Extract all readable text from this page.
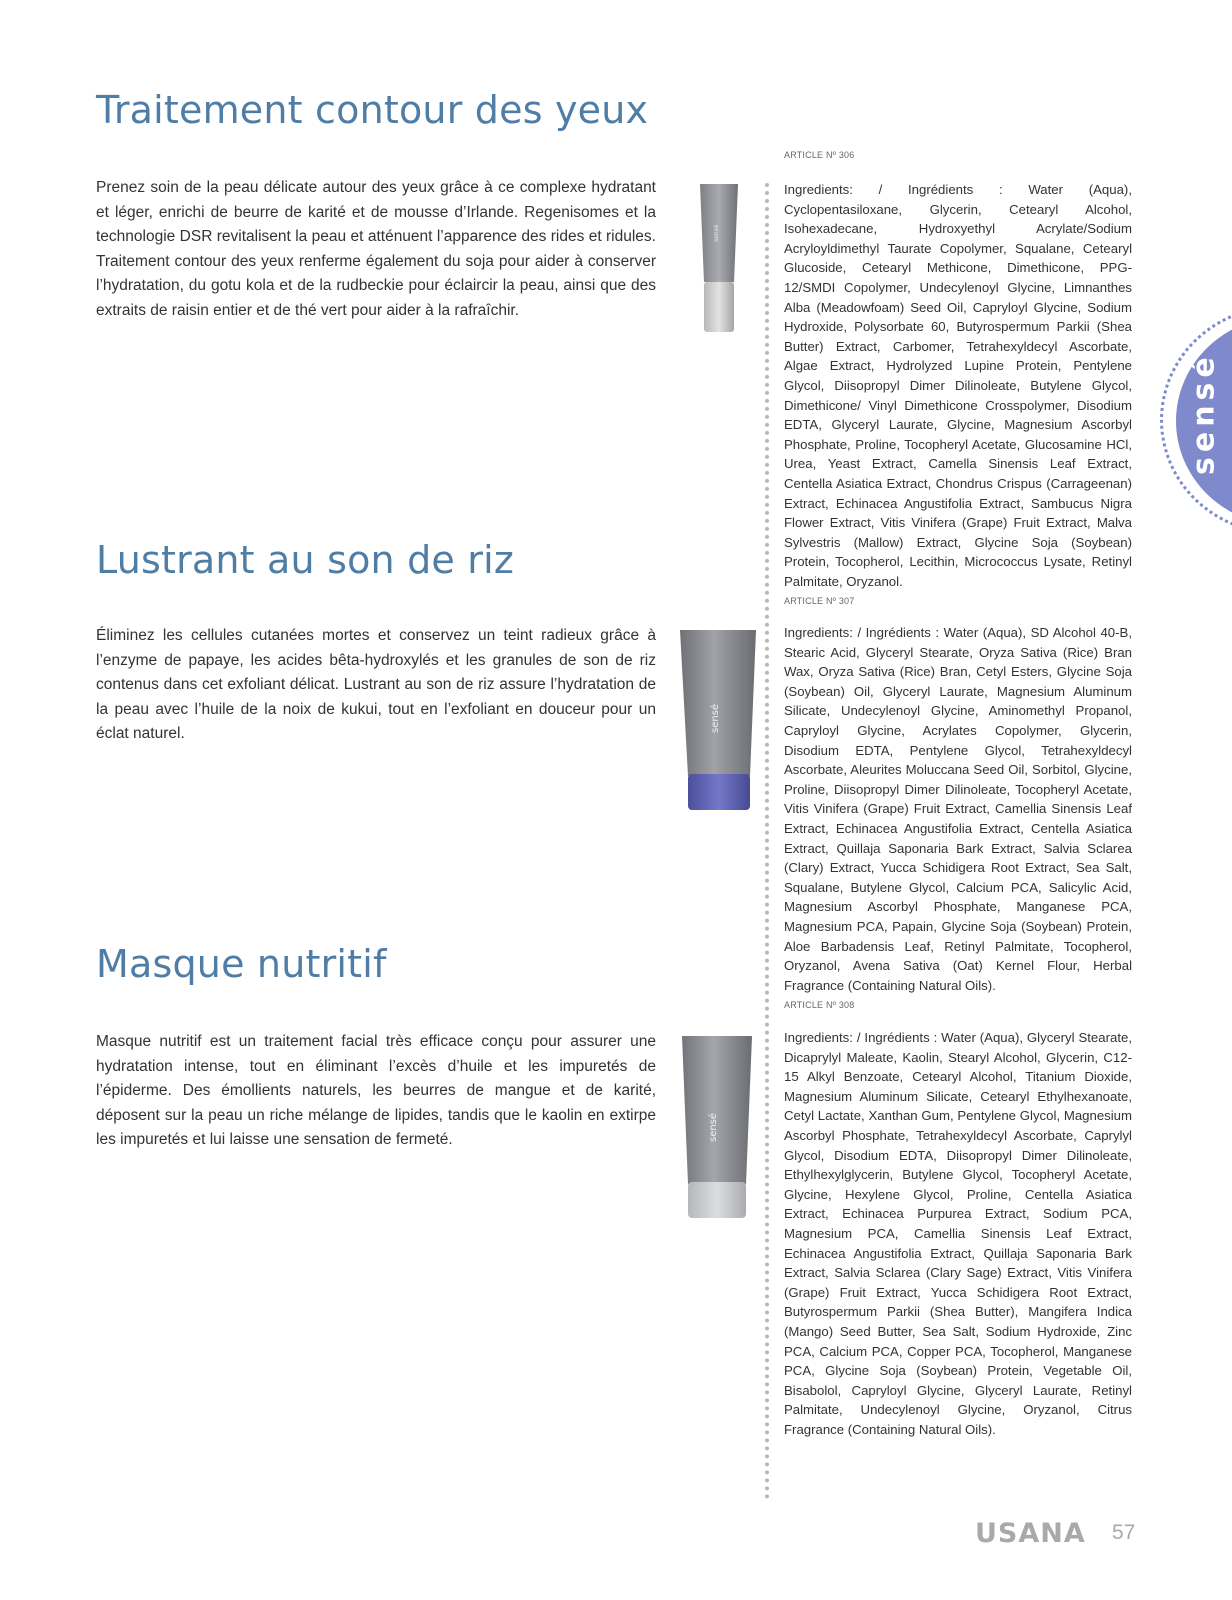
Traitement contour des yeux

Prenez soin de la peau délicate autour des yeux grâce à ce complexe hydratant et léger, enrichi de beurre de karité et de mousse d’Irlande. Regenisomes et la technologie DSR revitalisent la peau et atténuent l’apparence des rides et ridules. Traitement contour des yeux renferme également du soja pour aider à conserver l’hydratation, du gotu kola et de la rudbeckie pour éclaircir la peau, ainsi que des extraits de raisin entier et de thé vert pour aider à la rafraîchir.

ARTICLE Nº 306

Ingredients: / Ingrédients : Water (Aqua), Cyclopentasiloxane, Glycerin, Cetearyl Alcohol, Isohexadecane, Hydroxyethyl Acrylate/Sodium Acryloyldimethyl Taurate Copolymer, Squalane, Cetearyl Glucoside, Cetearyl Methicone, Dimethicone, PPG-12/SMDI Copolymer, Undecylenoyl Glycine, Limnanthes Alba (Meadowfoam) Seed Oil, Capryloyl Glycine, Sodium Hydroxide, Polysorbate 60, Butyrospermum Parkii (Shea Butter) Extract, Carbomer, Tetrahexyldecyl Ascorbate, Algae Extract, Hydrolyzed Lupine Protein, Pentylene Glycol, Diisopropyl Dimer Dilinoleate, Butylene Glycol, Dimethicone/ Vinyl Dimethicone Crosspolymer, Disodium EDTA, Glyceryl Laurate, Glycine, Magnesium Ascorbyl Phosphate, Proline, Tocopheryl Acetate, Glucosamine HCl, Urea, Yeast Extract, Camella Sinensis Leaf Extract, Centella Asiatica Extract, Chondrus Crispus (Carrageenan) Extract, Echinacea Angustifolia Extract, Sambucus Nigra Flower Extract, Vitis Vinifera (Grape) Fruit Extract, Malva Sylvestris (Mallow) Extract, Glycine Soja (Soybean) Protein, Tocopherol, Lecithin, Micrococcus Lysate, Retinyl Palmitate, Oryzanol.

sensé
Lustrant au son de riz

Éliminez les cellules cutanées mortes et conservez un teint radieux grâce à l’enzyme de papaye, les acides bêta-hydroxylés et les granules de son de riz contenus dans cet exfoliant délicat. Lustrant au son de riz assure l’hydratation de la peau avec l’huile de la noix de kukui, tout en l’exfoliant en douceur pour un éclat naturel.

ARTICLE Nº 307

Ingredients: / Ingrédients : Water (Aqua), SD Alcohol 40-B, Stearic Acid, Glyceryl Stearate, Oryza Sativa (Rice) Bran Wax, Oryza Sativa (Rice) Bran, Cetyl Esters, Glycine Soja (Soybean) Oil, Glyceryl Laurate, Magnesium Aluminum Silicate, Undecylenoyl Glycine, Aminomethyl Propanol, Capryloyl Glycine, Acrylates Copolymer, Glycerin, Disodium EDTA, Pentylene Glycol, Tetrahexyldecyl Ascorbate, Aleurites Moluccana Seed Oil, Sorbitol, Glycine, Proline, Diisopropyl Dimer Dilinoleate, Tocopheryl Acetate, Vitis Vinifera (Grape) Fruit Extract, Camellia Sinensis Leaf Extract, Echinacea Angustifolia Extract, Centella Asiatica Extract, Quillaja Saponaria Bark Extract, Salvia Sclarea (Clary) Extract, Yucca Schidigera Root Extract, Sea Salt, Squalane, Butylene Glycol, Calcium PCA, Salicylic Acid, Magnesium Ascorbyl Phosphate, Manganese PCA, Magnesium PCA, Papain, Glycine Soja (Soybean) Protein, Aloe Barbadensis Leaf, Retinyl Palmitate, Tocopherol, Oryzanol, Avena Sativa (Oat) Kernel Flour, Herbal Fragrance (Containing Natural Oils).

sensé
Masque nutritif

Masque nutritif est un traitement facial très efficace conçu pour assurer une hydratation intense, tout en éliminant l’excès d’huile et les impuretés de l’épiderme. Des émollients naturels, les beurres de mangue et de karité, déposent sur la peau un riche mélange de lipides, tandis que le kaolin en extirpe les impuretés et lui laisse une sensation de fermeté.

ARTICLE Nº 308

Ingredients: / Ingrédients : Water (Aqua), Glyceryl Stearate, Dicaprylyl Maleate, Kaolin, Stearyl Alcohol, Glycerin, C12-15 Alkyl Benzoate, Cetearyl Alcohol, Titanium Dioxide, Magnesium Aluminum Silicate, Cetearyl Ethylhexanoate, Cetyl Lactate, Xanthan Gum, Pentylene Glycol, Magnesium Ascorbyl Phosphate, Tetrahexyldecyl Ascorbate, Caprylyl Glycol, Disodium EDTA, Diisopropyl Dimer Dilinoleate, Ethylhexylglycerin, Butylene Glycol, Tocopheryl Acetate, Glycine, Hexylene Glycol, Proline, Centella Asiatica Extract, Echinacea Purpurea Extract, Sodium PCA, Magnesium PCA, Camellia Sinensis Leaf Extract, Echinacea Angustifolia Extract, Quillaja Saponaria Bark Extract, Salvia Sclarea (Clary Sage) Extract, Vitis Vinifera (Grape) Fruit Extract, Yucca Schidigera Root Extract, Butyrospermum Parkii (Shea Butter), Mangifera Indica (Mango) Seed Butter, Sea Salt, Sodium Hydroxide, Zinc PCA, Calcium PCA, Copper PCA, Tocopherol, Manganese PCA, Glycine Soja (Soybean) Protein, Vegetable Oil, Bisabolol, Capryloyl Glycine, Glyceryl Laurate, Retinyl Palmitate, Undecylenoyl Glycine, Oryzanol, Citrus Fragrance (Containing Natural Oils).

sensé
sensé
USANA 57
